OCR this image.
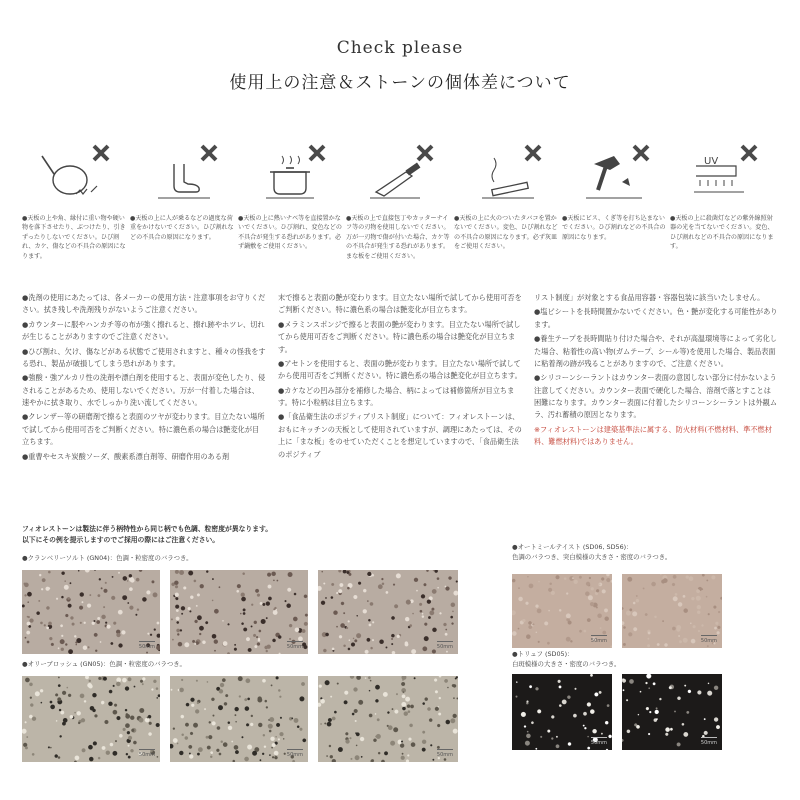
Check please
使用上の注意＆ストーンの個体差について
UV
●天板の上や角、縁付に重い物や硬い物を落下させたり、ぶつけたり、引きずったりしないでください。ひび割れ、カケ、傷などの不具合の原因になります。
●天板の上に人が乗るなどの過度な荷重をかけないでください。ひび割れなどの不具合の原因になります。
●天板の上に熱いナベ等を直接置かないでください。ひび割れ、変色などの不具合が発生する恐れがあります。必ず鍋敷をご使用ください。
●天板の上で直接包丁やカッターナイフ等の刃物を使用しないでください。万が一刃物で傷が付いた場合、カケ等の不具合が発生する恐れがあります。まな板をご使用ください。
●天板の上に火のついたタバコを置かないでください。変色、ひび割れなどの不具合の原因になります。必ず灰皿をご使用ください。
●天板にビス、くぎ等を打ち込まないでください。ひび割れなどの不具合の原因になります。
●天板の上に殺菌灯などの紫外線照射器の光を当てないでください。変色、ひび割れなどの不具合の原因になります。

●洗剤の使用にあたっては、各メーカーの使用方法・注意事項をお守りください。拭き残しや洗剤残りがないようご注意ください。

●カウンターに服やハンカチ等の布が強く擦れると、擦れ跡やホツレ、切れが生じることがありますのでご注意ください。

●ひび割れ、欠け、傷などがある状態でご使用されますと、種々の怪我をする恐れ、製品が破損してしまう恐れがあります。

●強酸・強アルカリ性の洗剤や漂白剤を使用すると、表面が変色したり、侵されることがあるため、使用しないでください。万が一付着した場合は、速やかに拭き取り、水でしっかり洗い流してください。

●クレンザー等の研磨剤で擦ると表面のツヤが変わります。目立たない場所で試してから使用可否をご判断ください。特に濃色系の場合は艶変化が目立ちます。

●重曹やセスキ炭酸ソーダ、酸素系漂白剤等、研磨作用のある剤

末で擦ると表面の艶が変わります。目立たない場所で試してから使用可否をご判断ください。特に濃色系の場合は艶変化が目立ちます。

●メラミンスポンジで擦ると表面の艶が変わります。目立たない場所で試してから使用可否をご判断ください。特に濃色系の場合は艶変化が目立ちます。

●アセトンを使用すると、表面の艶が変わります。目立たない場所で試してから使用可否をご判断ください。特に濃色系の場合は艶変化が目立ちます。

●カケなどの凹み部分を補修した場合、柄によっては補修箇所が目立ちます。特に小粒柄は目立ちます。

●「食品衛生法のポジティブリスト制度」について：フィオレストーンは、おもにキッチンの天板として使用されていますが、調理にあたっては、その上に「まな板」をのせていただくことを想定していますので、「食品衛生法のポジティブ

リスト制度」が対象とする食品用容器・容器包装に該当いたしません。

●塩ビシートを長時間置かないでください。色・艶が変化する可能性があります。

●養生テープを長時間貼り付けた場合や、それが高温環境等によって劣化した場合、粘着性の高い物(ガムテープ、シール等)を使用した場合、製品表面に粘着剤の跡が残ることがありますので、ご注意ください。

●シリコーンシーラントはカウンター表面の意図しない部分に付かないよう注意してください。カウンター表面で硬化した場合、溶剤で落とすことは困難になります。カウンター表面に付着したシリコーンシーラントは外観ムラ、汚れ蓄積の原因となります。

※フィオレストーンは建築基準法に属する、防火材料(不燃材料、準不燃材料、難燃材料)ではありません。

フィオレストーンは製法に伴う柄特性から同じ柄でも色調、粒密度が異なります。
以下にその例を提示しますのでご採用の際にはご注意ください。
●クランベリーソルト (GN04)：色調・粒密度のバラつき。
50mm	50mm	50mm
●オリーブロッシュ (GN05)：色調・粒密度のバラつき。
50mm	50mm	50mm
●オートミールテイスト (SD06, SD56)：
色調のバラつき、突白模様の大きさ・密度のバラつき。
50mm	50mm
●トリュフ (SD05)：
白斑模様の大きさ・密度のバラつき。
50mm	50mm
